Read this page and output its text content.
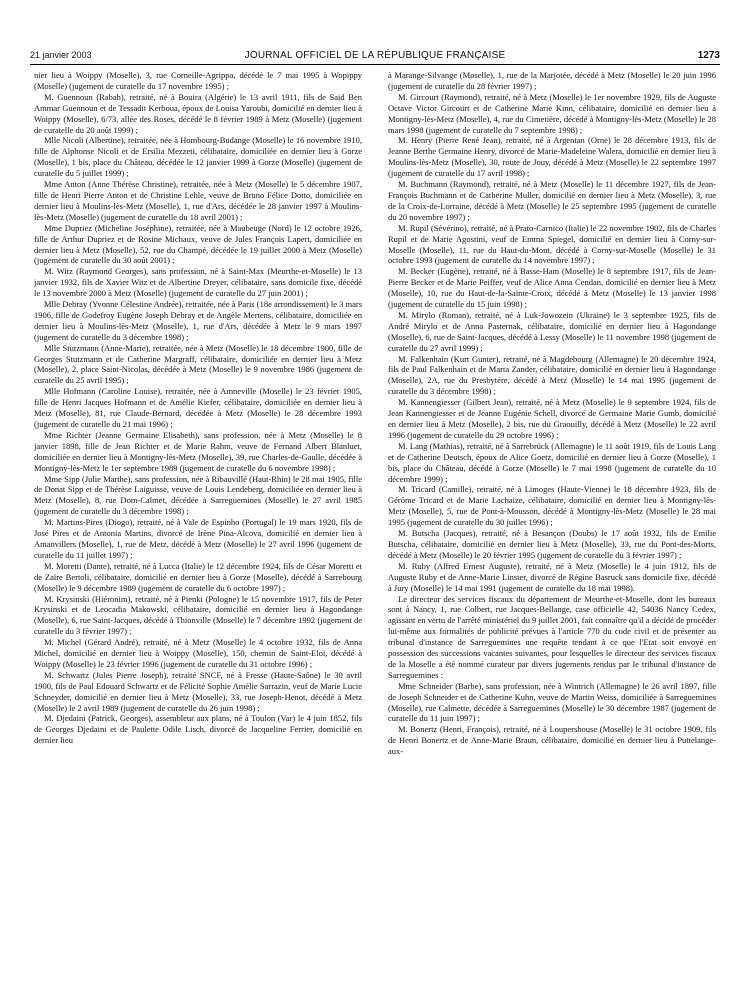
21 janvier 2003	JOURNAL OFFICIEL DE LA RÉPUBLIQUE FRANÇAISE	1273

nier lieu à Woippy (Moselle), 3, rue Corneille-Agrippa, décédé le 7 mai 1995 à Wopippy (Moselle) (jugement de curatelle du 17 novembre 1995) ;

M. Guennoun (Rabah), retraité, né à Bouira (Algérie) le 13 avril 1911, fils de Said Ben Ammar Guennoun et de Tessadit Kerboua, époux de Louisa Yaroubi, domicilié en dernier lieu à Woippy (Moselle), 6/73, allée des Roses, décédé le 8 février 1989 à Metz (Moselle) (jugement de curatelle du 20 août 1999) ;

Mlle Nicoli (Albertine), retraitée, née à Hombourg-Budange (Moselle) le 16 novembre 1910, fille de Alphonse Nicoli et de Ersilia Mezzeti, célibataire, domiciliée en dernier lieu à Gorze (Moselle), 1 bis, place du Château, décédée le 12 janvier 1999 à Gorze (Moselle) (jugement de curatelle du 5 juillet 1999) ;

Mme Anton (Anne Thérèse Christine), retraitée, née à Metz (Moselle) le 5 décembre 1907, fille de Henri Pierre Anton et de Christine Lehle, veuve de Bruno Félice Dotto, domiciliée en dernier lieu à Moulins-lès-Metz (Moselle), 1, rue d'Ars, décédée le 28 janvier 1997 à Moulins-lès-Metz (Moselle) (jugement de curatelle du 18 avril 2001) ;

Mme Dupriez (Micheline Joséphine), retraitée, née à Maubeuge (Nord) le 12 octobre 1926, fille de Arthur Dupriez et de Rosine Michaux, veuve de Jules François Lapert, domiciliée en dernier lieu à Metz (Moselle), 52, rue du Champé, décédée le 19 juillet 2000 à Metz (Moselle) (jugement de curatelle du 30 août 2001) ;

M. Witz (Raymond Georges), sans profession, né à Saint-Max (Meurthe-et-Moselle) le 13 janvier 1932, fils de Xavier Witz et de Albertine Dreyer, célibataire, sans domicile fixe, décédé le 13 novembre 2000 à Metz (Moselle) (jugement de curatelle du 27 juin 2001) ;

Mlle Debray (Yvonne Célestine Andrée), retraitée, née à Paris (18e arrondissement) le 3 mars 1906, fille de Godefroy Eugène Joseph Debray et de Angèle Mertens, célibataire, domiciliée en dernier lieu à Moulins-lès-Metz (Moselle), 1, rue d'Ars, décédée à Metz le 9 mars 1997 (jugement de curatelle du 3 décembre 1998) ;

Mlle Stutzmann (Anne-Marie), retraitée, née à Metz (Moselle) le 18 décembre 1900, fille de Georges Stutzmann et de Catherine Margraff, célibataire, domiciliée en dernier lieu à Metz (Moselle), 2, place Saint-Nicolas, décédée à Metz (Moselle) le 9 novembre 1986 (jugement de curatelle du 25 avril 1995) ;

Mlle Hofmann (Caroline Louise), retraitée, née à Amneville (Moselle) le 23 février 1905, fille de Henri Jacques Hofmann et de Amélie Kiefer, célibataire, domiciliée en dernier lieu à Metz (Moselle), 81, rue Claude-Bernard, décédée à Metz (Moselle) le 28 décembre 1993 (jugement de curatelle du 21 mai 1996) ;

Mme Richter (Jeanne Germaine Elisabeth), sans profession, née à Metz (Moselle) le 8 janvier 1898, fille de Jean Richter et de Marie Rahm, veuve de Fernand Albert Blanluet, domiciliée en dernier lieu à Montigny-lès-Metz (Moselle), 39, rue Charles-de-Gaulle, décédée à Montigny-lès-Metz le 1er septembre 1989 (jugement de curatelle du 6 novembre 1998) ;

Mme Sipp (Julie Marthe), sans profession, née à Ribauvillé (Haut-Rhin) le 28 mai 1905, fille de Donat Sipp et de Thérèse Laiguisse, veuve de Louis Lendeberg, domiciliée en dernier lieu à Metz (Moselle), 8, rue Dom-Calmet, décédée à Sarreguemines (Moselle) le 27 avril 1985 (jugement de curatelle du 3 décembre 1998) ;

M. Martins-Pires (Diogo), retraité, né à Vale de Espinho (Portugal) le 19 mars 1920, fils de José Pires et de Antonia Martins, divorcé de Irène Pina-Alcova, domicilié en dernier lieu à Amanvillers (Moselle), 1, rue de Metz, décédé à Metz (Moselle) le 27 avril 1996 (jugement de curatelle du 11 juillet 1997) ;

M. Moretti (Dante), retraité, né à Lucca (Italie) le 12 décembre 1924, fils de César Moretti et de Zaïre Bertoli, célibataire, domicilié en dernier lieu à Gorze (Moselle), décédé à Sarrebourg (Moselle) le 9 décembre 1989 (jugement de curatelle du 6 octobre 1997) ;

M. Krysinski (Hiéronim), retraité, né à Pienki (Pologne) le 15 novembre 1917, fils de Peter Krysinski et de Leocadia Makowski, célibataire, domicilié en dernier lieu à Hagondange (Moselle), 6, rue Saint-Jacques, décédé à Thionville (Moselle) le 7 décembre 1992 (jugement de curatelle du 3 février 1997) ;

M. Michel (Gérard André), retraité, né à Metz (Moselle) le 4 octobre 1932, fils de Anna Michel, domicilié en dernier lieu à Woippy (Moselle), 150, chemin de Saint-Eloi, décédé à Woippy (Moselle) le 23 février 1996 (jugement de curatelle du 31 octobre 1996) ;

M. Schwartz (Jules Pierre Joseph), retraité SNCF, né à Fresse (Haute-Saône) le 30 avril 1900, fils de Paul Edouard Schwartz et de Félicité Sophie Amélie Sarrazin, veuf de Marie Lucie Schneyder, domicilié en dernier lieu à Metz (Moselle), 33, rue Joseph-Henot, décédé à Metz (Moselle) le 2 avril 1989 (jugement de curatelle du 26 juin 1998) ;

M. Djedaini (Patrick, Georges), assembleur aux plans, né à Toulon (Var) le 4 juin 1852, fils de Georges Djedaini et de Paulette Odile Lisch, divorcé de Jacqueline Ferrier, domicilié en dernier lieu

à Marange-Silvange (Moselle), 1, rue de la Marjotée, décédé à Metz (Moselle) le 20 juin 1996 (jugement de curatelle du 28 février 1997) ;

M. Gircourt (Raymond), retraité, né à Metz (Moselle) le 1er novembre 1929, fils de Auguste Octave Victor Gircourt et de Catherine Marie Kinn, célibataire, domicilié en dernier lieu à Montigny-lès-Metz (Moselle), 4, rue du Cimetière, décédé à Montigny-lès-Metz (Moselle) le 28 mars 1998 (jugement de curatelle du 7 septembre 1998) ;

M. Henry (Pierre René Jean), retraité, né à Argentan (Orne) le 28 décembre 1913, fils de Jeanne Berthe Germaine Henry, divorcé de Marie-Madeleine Walera, domicilié en dernier lieu à Moulins-lès-Metz (Moselle), 30, route de Jouy, décédé à Metz (Moselle) le 22 septembre 1997 (jugement de curatelle du 17 avril 1998) ;

M. Buchmann (Raymond), retraité, né à Metz (Moselle) le 11 décembre 1927, fils de Jean-François Buchmann et de Catherine Muller, domicilié en dernier lieu à Metz (Moselle), 3, rue de la Croix-de-Lorraine, décédé à Metz (Moselle) le 25 septembre 1995 (jugement de curatelle du 20 novembre 1997) ;

M. Rupil (Sévérino), retraité, né à Prato-Carnico (Italie) le 22 novembre 1902, fils de Charles Rupil et de Marie Agostini, veuf de Emma Spiegel, domicilié en dernier lieu à Corny-sur-Moselle (Moselle), 11, rue du Haut-du-Mont, décédé à Corny-sur-Moselle (Moselle) le 31 octobre 1993 (jugement de curatelle du 14 novembre 1997) ;

M. Becker (Eugène), retraité, né à Basse-Ham (Moselle) le 8 septembre 1917, fils de Jean-Pierre Becker et de Marie Peiffer, veuf de Alice Anna Cendan, domicilié en dernier lieu à Metz (Moselle), 10, rue du Haut-de-la-Sainte-Croix, décédé à Metz (Moselle) le 13 janvier 1998 (jugement de curatelle du 15 juin 1998) ;

M. Mirylo (Roman), retraité, né à Luk-Jowozein (Ukraine) le 3 septembre 1925, fils de André Mirylo et de Anna Pasternak, célibataire, domicilié en dernier lieu à Hagondange (Moselle), 6, rue de Saint-Jacques, décédé à Lessy (Moselle) le 11 novembre 1998 (jugement de curatelle du 27 avril 1999) ;

M. Falkenhain (Kurt Gunter), retraité, né à Magdebourg (Allemagne) le 20 décembre 1924, fils de Paul Falkenhain et de Marta Zander, célibataire, domicilié en dernier lieu à Hagondange (Moselle), 2A, rue du Presbytère, décédé à Metz (Moselle) le 14 mai 1995 (jugement de curatelle du 3 décembre 1998) ;

M. Kannengiesser (Gilbert Jean), retraité, né à Metz (Moselle) le 9 septembre 1924, fils de Jean Kannengiesser et de Jeanne Eugénie Schell, divorcé de Germaine Marie Gumb, domicilié en dernier lieu à Metz (Moselle), 2 bis, rue du Graouilly, décédé à Metz (Moselle) le 22 avril 1996 (jugement de curatelle du 29 octobre 1996) ;

M. Lang (Mathias), retraité, né à Sarrebrück (Allemagne) le 11 août 1919, fils de Louis Lang et de Catherine Deutsch, époux de Alice Goetz, domicilié en dernier lieu à Gorze (Moselle), 1 bis, place du Château, décédé à Gorze (Moselle) le 7 mai 1998 (jugement de curatelle du 10 décembre 1999) ;

M. Tricard (Camille), retraité, né à Limoges (Haute-Vienne) le 18 décembre 1923, fils de Gérôme Tricard et de Marie Lachaize, célibataire, domicilié en dernier lieu à Montigny-lès-Metz (Moselle), 5, rue de Pont-à-Mousson, décédé à Montigny-lès-Metz (Moselle) le 28 mai 1995 (jugement de curatelle du 30 juillet 1996) ;

M. Butscha (Jacques), retraité, né à Besançon (Doubs) le 17 août 1932, fils de Emilie Butscha, célibataire, domicilié en dernier lieu à Metz (Moselle), 33, rue du Pont-des-Morts, décédé à Metz (Moselle) le 20 février 1995 (jugement de curatelle du 3 février 1997) ;

M. Ruby (Alfred Ernest Auguste), retraité, né à Metz (Moselle) le 4 juin 1912, fils de Auguste Ruby et de Anne-Marie Linster, divorcé de Régine Basruck sans domicile fixe, décédé à Jury (Moselle) le 14 mai 1991 (jugement de curatelle du 18 mai 1998).

Le directeur des services fiscaux du département de Meurthe-et-Moselle, dont les bureaux sont à Nancy, 1, rue Colbert, rue Jacques-Bellange, case officielle 42, 54036 Nancy Cedex, agissant en vertu de l'arrêté ministériel du 9 juillet 2001, fait connaître qu'il a décidé de procéder lui-même aux formalités de publicité prévues à l'article 770 du code civil et de présenter au tribunal d'instance de Sarreguemines une requête tendant à ce que l'Etat soit envoyé en possession des successions vacantes suivantes, pour lesquelles le directeur des services fiscaux de la Moselle a été nommé curateur par divers jugements rendus par le tribunal d'instance de Sarreguemines :

Mme Schneider (Barbe), sans profession, née à Wintrich (Allemagne) le 26 avril 1897, fille de Joseph Schneider et de Catherine Kuhn, veuve de Martin Weiss, domiciliée à Sarreguemines (Moselle), rue Calmette, décédée à Sarreguemines (Moselle) le 30 décembre 1987 (jugement de curatelle du 11 juin 1997) ;

M. Bonertz (Henri, François), retraité, né à Loupershouse (Moselle) le 31 octobre 1909, fils de Henri Bonertz et de Anne-Marie Braun, célibataire, domicilié en dernier lieu à Puttelange-aux-
